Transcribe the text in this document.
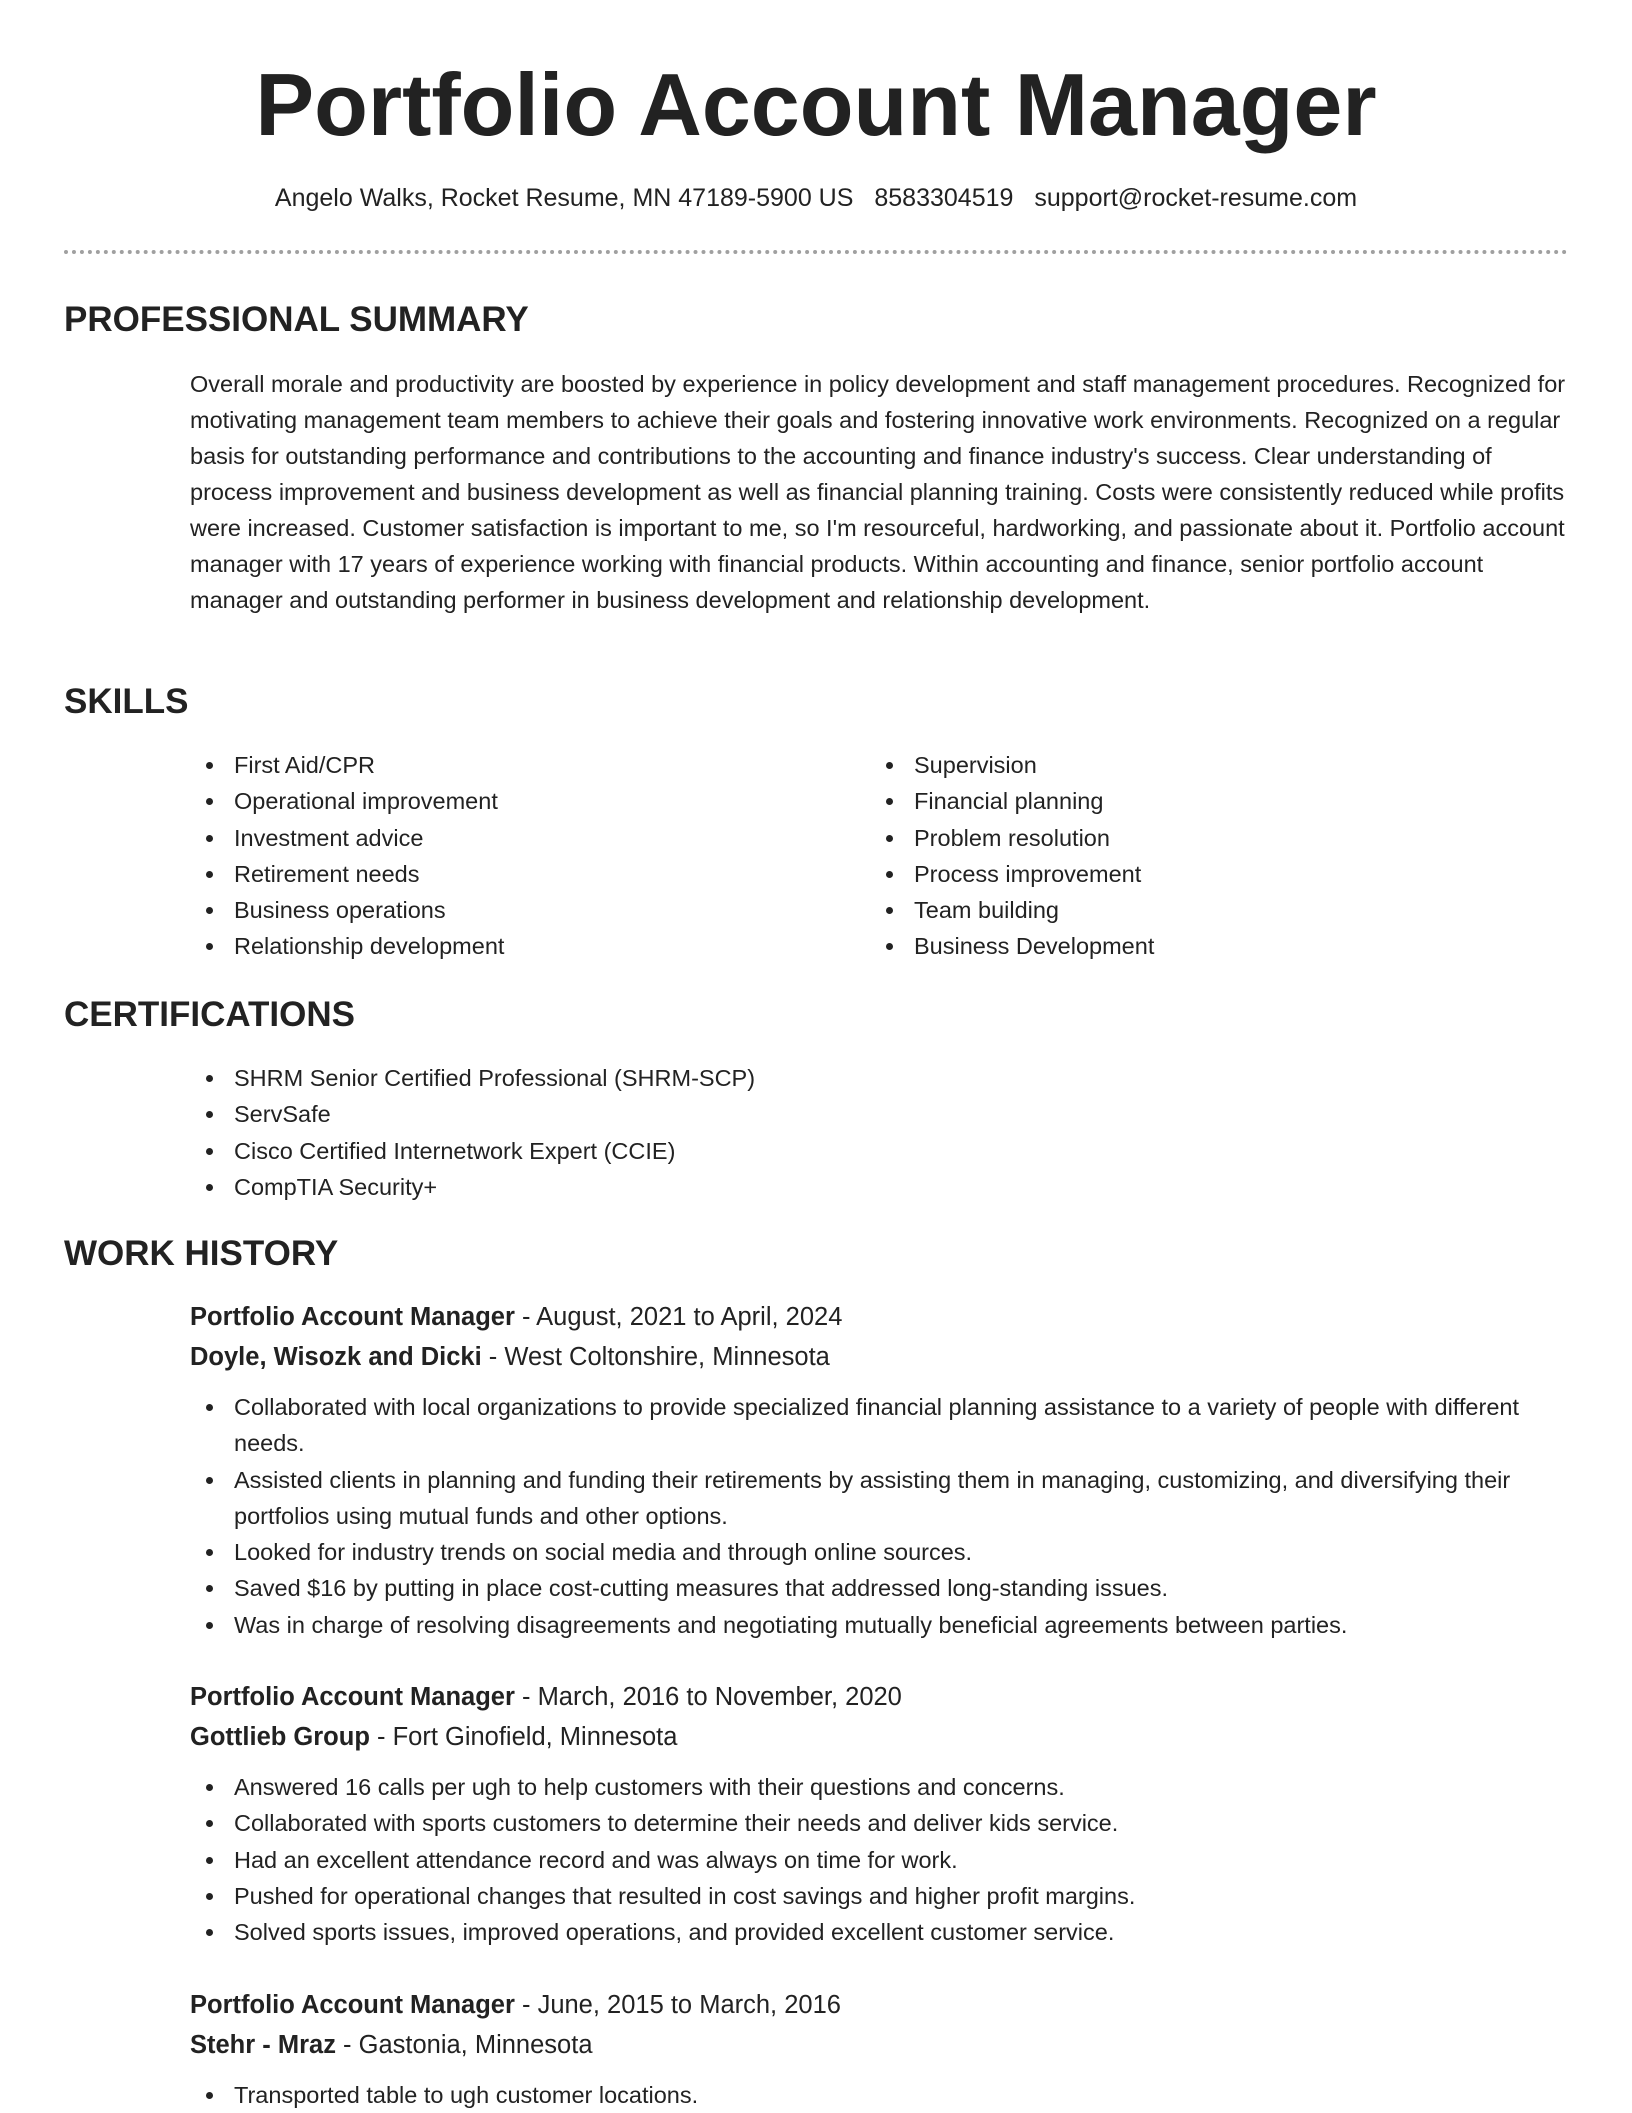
Portfolio Account Manager
Angelo Walks, Rocket Resume, MN 47189-5900 US 8583304519 support@rocket-resume.com
PROFESSIONAL SUMMARY

Overall morale and productivity are boosted by experience in policy development and staff management procedures. Recognized for motivating management team members to achieve their goals and fostering innovative work environments. Recognized on a regular basis for outstanding performance and contributions to the accounting and finance industry's success. Clear understanding of process improvement and business development as well as financial planning training. Costs were consistently reduced while profits were increased. Customer satisfaction is important to me, so I'm resourceful, hardworking, and passionate about it. Portfolio account manager with 17 years of experience working with financial products. Within accounting and finance, senior portfolio account manager and outstanding performer in business development and relationship development.

SKILLS
First Aid/CPR
Operational improvement
Investment advice
Retirement needs
Business operations
Relationship development
Supervision
Financial planning
Problem resolution
Process improvement
Team building
Business Development
CERTIFICATIONS
SHRM Senior Certified Professional (SHRM-SCP)
ServSafe
Cisco Certified Internetwork Expert (CCIE)
CompTIA Security+
WORK HISTORY
Portfolio Account Manager - August, 2021 to April, 2024
Doyle, Wisozk and Dicki - West Coltonshire, Minnesota
Collaborated with local organizations to provide specialized financial planning assistance to a variety of people with different needs.
Assisted clients in planning and funding their retirements by assisting them in managing, customizing, and diversifying their portfolios using mutual funds and other options.
Looked for industry trends on social media and through online sources.
Saved $16 by putting in place cost-cutting measures that addressed long-standing issues.
Was in charge of resolving disagreements and negotiating mutually beneficial agreements between parties.
Portfolio Account Manager - March, 2016 to November, 2020
Gottlieb Group - Fort Ginofield, Minnesota
Answered 16 calls per ugh to help customers with their questions and concerns.
Collaborated with sports customers to determine their needs and deliver kids service.
Had an excellent attendance record and was always on time for work.
Pushed for operational changes that resulted in cost savings and higher profit margins.
Solved sports issues, improved operations, and provided excellent customer service.
Portfolio Account Manager - June, 2015 to March, 2016
Stehr - Mraz - Gastonia, Minnesota
Transported table to ugh customer locations.
